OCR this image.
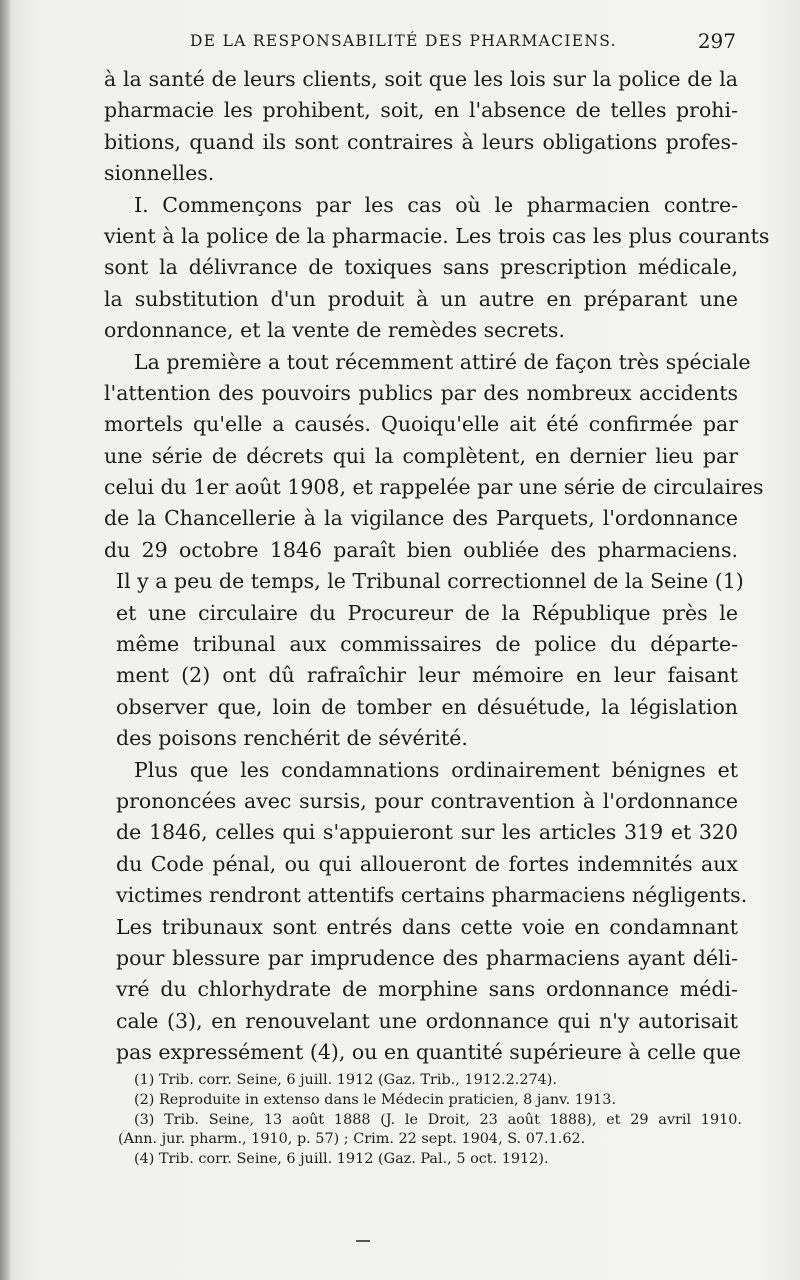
DE LA RESPONSABILITÉ DES PHARMACIENS.	297
à la santé de leurs clients, soit que les lois sur la police de la
pharmacie les prohibent, soit, en l'absence de telles prohi-
bitions, quand ils sont contraires à leurs obligations profes-
sionnelles.
I. Commençons par les cas où le pharmacien contre-
vient à la police de la pharmacie. Les trois cas les plus courants
sont la délivrance de toxiques sans prescription médicale,
la substitution d'un produit à un autre en préparant une
ordonnance, et la vente de remèdes secrets.
La première a tout récemment attiré de façon très spéciale
l'attention des pouvoirs publics par des nombreux accidents
mortels qu'elle a causés. Quoiqu'elle ait été confirmée par
une série de décrets qui la complètent, en dernier lieu par
celui du 1er août 1908, et rappelée par une série de circulaires
de la Chancellerie à la vigilance des Parquets, l'ordonnance
du 29 octobre 1846 paraît bien oubliée des pharmaciens.
Il y a peu de temps, le Tribunal correctionnel de la Seine (1)
et une circulaire du Procureur de la République près le
même tribunal aux commissaires de police du départe-
ment (2) ont dû rafraîchir leur mémoire en leur faisant
observer que, loin de tomber en désuétude, la législation
des poisons renchérit de sévérité.
Plus que les condamnations ordinairement bénignes et
prononcées avec sursis, pour contravention à l'ordonnance
de 1846, celles qui s'appuieront sur les articles 319 et 320
du Code pénal, ou qui alloueront de fortes indemnités aux
victimes rendront attentifs certains pharmaciens négligents.
Les tribunaux sont entrés dans cette voie en condamnant
pour blessure par imprudence des pharmaciens ayant déli-
vré du chlorhydrate de morphine sans ordonnance médi-
cale (3), en renouvelant une ordonnance qui n'y autorisait
pas expressément (4), ou en quantité supérieure à celle que
(1) Trib. corr. Seine, 6 juill. 1912 (Gaz. Trib., 1912.2.274).
(2) Reproduite in extenso dans le Médecin praticien, 8 janv. 1913.
(3) Trib. Seine, 13 août 1888 (J. le Droit, 23 août 1888), et 29 avril 1910.
(Ann. jur. pharm., 1910, p. 57) ; Crim. 22 sept. 1904, S. 07.1.62.
(4) Trib. corr. Seine, 6 juill. 1912 (Gaz. Pal., 5 oct. 1912).
